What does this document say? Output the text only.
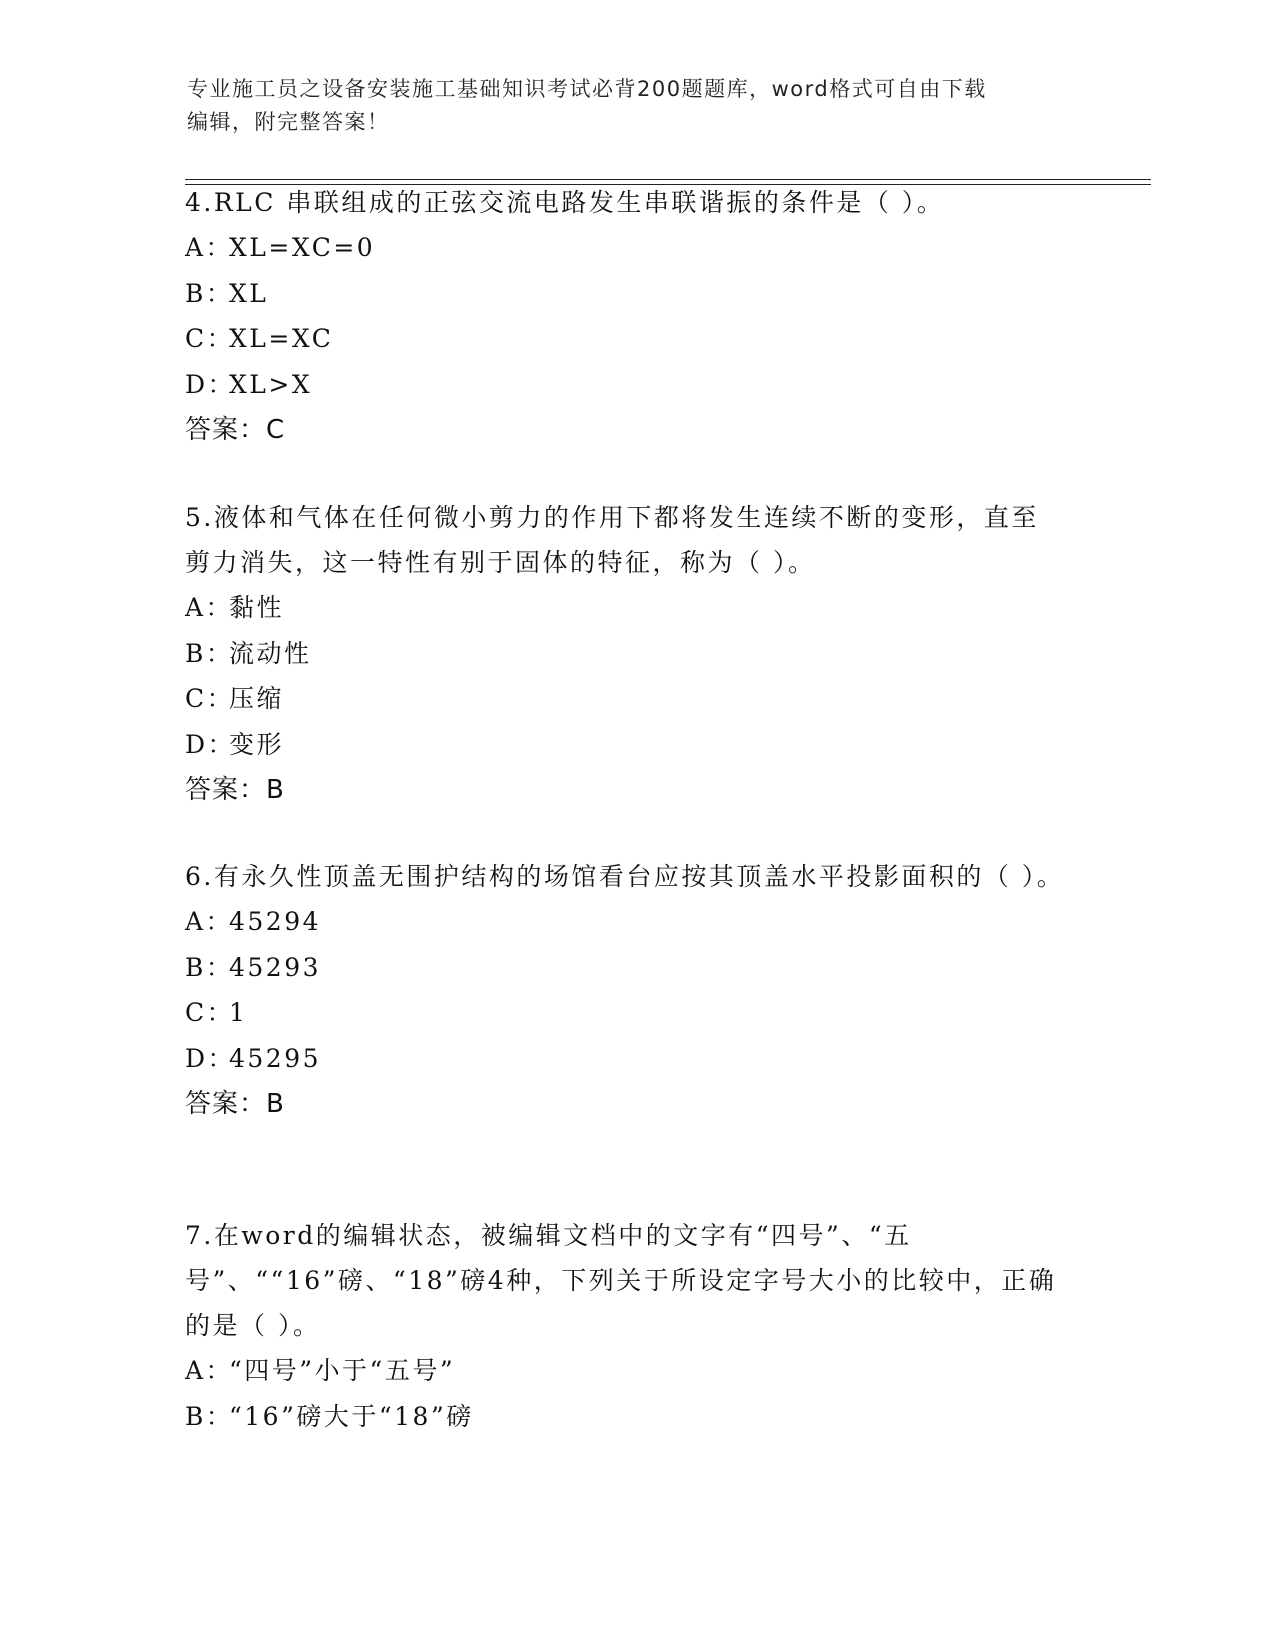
专业施工员之设备安装施工基础知识考试必背200题题库，word格式可自由下载
编辑，附完整答案！
4.RLC 串联组成的正弦交流电路发生串联谐振的条件是（ ）。
A：XL=XC=0
B：XL
C：XL=XC
D：XL>X
答案：C
5.液体和气体在任何微小剪力的作用下都将发生连续不断的变形，直至剪力消失，这一特性有别于固体的特征，称为（ ）。
A：黏性
B：流动性
C：压缩
D：变形
答案：B
6.有永久性顶盖无围护结构的场馆看台应按其顶盖水平投影面积的（ ）。
A：45294
B：45293
C：1
D：45295
答案：B
7.在word的编辑状态，被编辑文档中的文字有“四号”、“五号”、““16”磅、“18”磅4种，下列关于所设定字号大小的比较中，正确的是（ ）。
A：“四号”小于“五号”
B：“16”磅大于“18”磅
